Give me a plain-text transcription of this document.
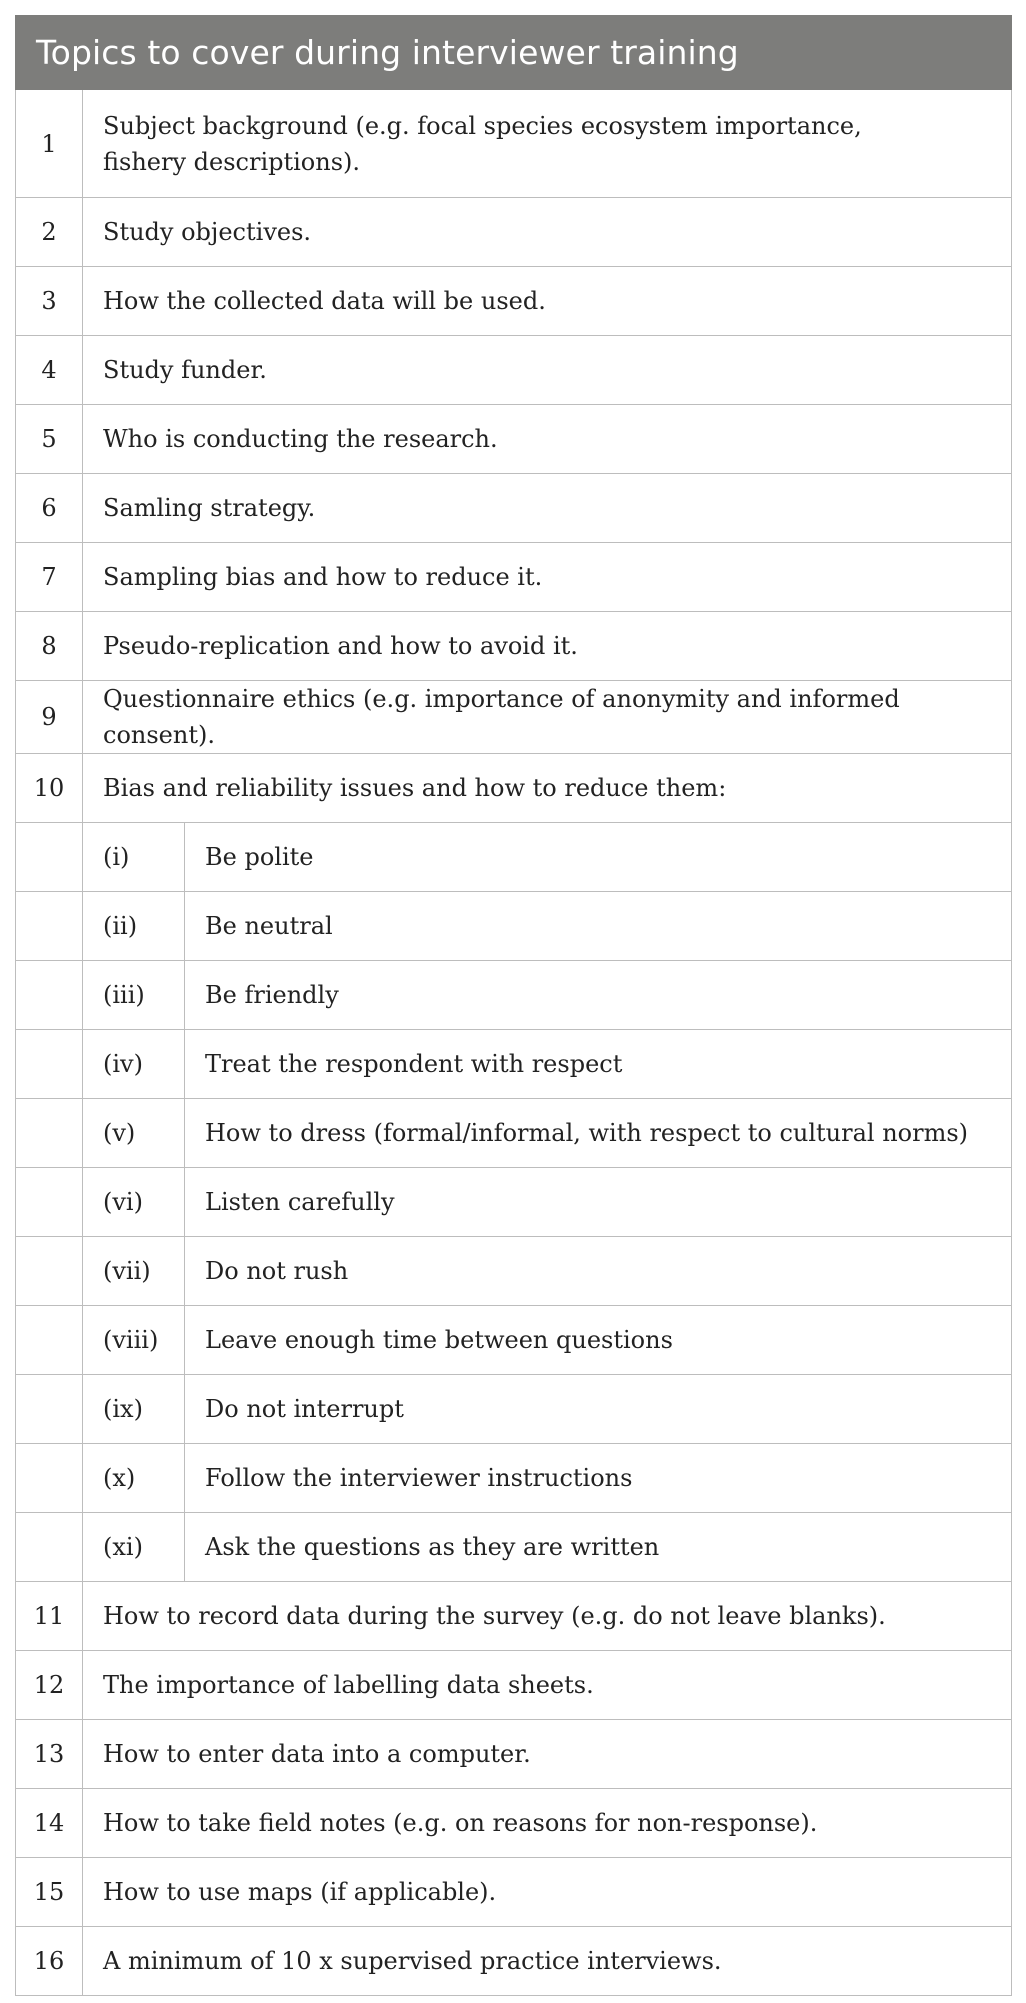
Topics to cover during interviewer training		
1	Subject background (e.g. focal species ecosystem importance, fishery descriptions).	

2	Study objectives.	
3	How the collected data will be used.	
4	Study funder.	
5	Who is conducting the research.	
6	Samling strategy.	
7	Sampling bias and how to reduce it.	
8	Pseudo-replication and how to avoid it.	
9	Questionnaire ethics (e.g. importance of anonymity and informed consent).	
10	Bias and reliability issues and how to reduce them:	
	(i)	Be polite
	(ii)	Be neutral
	(iii)	Be friendly
	(iv)	Treat the respondent with respect
	(v)	How to dress (formal/informal, with respect to cultural norms)
	(vi)	Listen carefully
	(vii)	Do not rush
	(viii)	Leave enough time between questions
	(ix)	Do not interrupt
	(x)	Follow the interviewer instructions
	(xi)	Ask the questions as they are written
11	How to record data during the survey (e.g. do not leave blanks).	
12	The importance of labelling data sheets.	
13	How to enter data into a computer.	
14	How to take field notes (e.g. on reasons for non-response).	
15	How to use maps (if applicable).	
16	A minimum of 10 x supervised practice interviews.	
